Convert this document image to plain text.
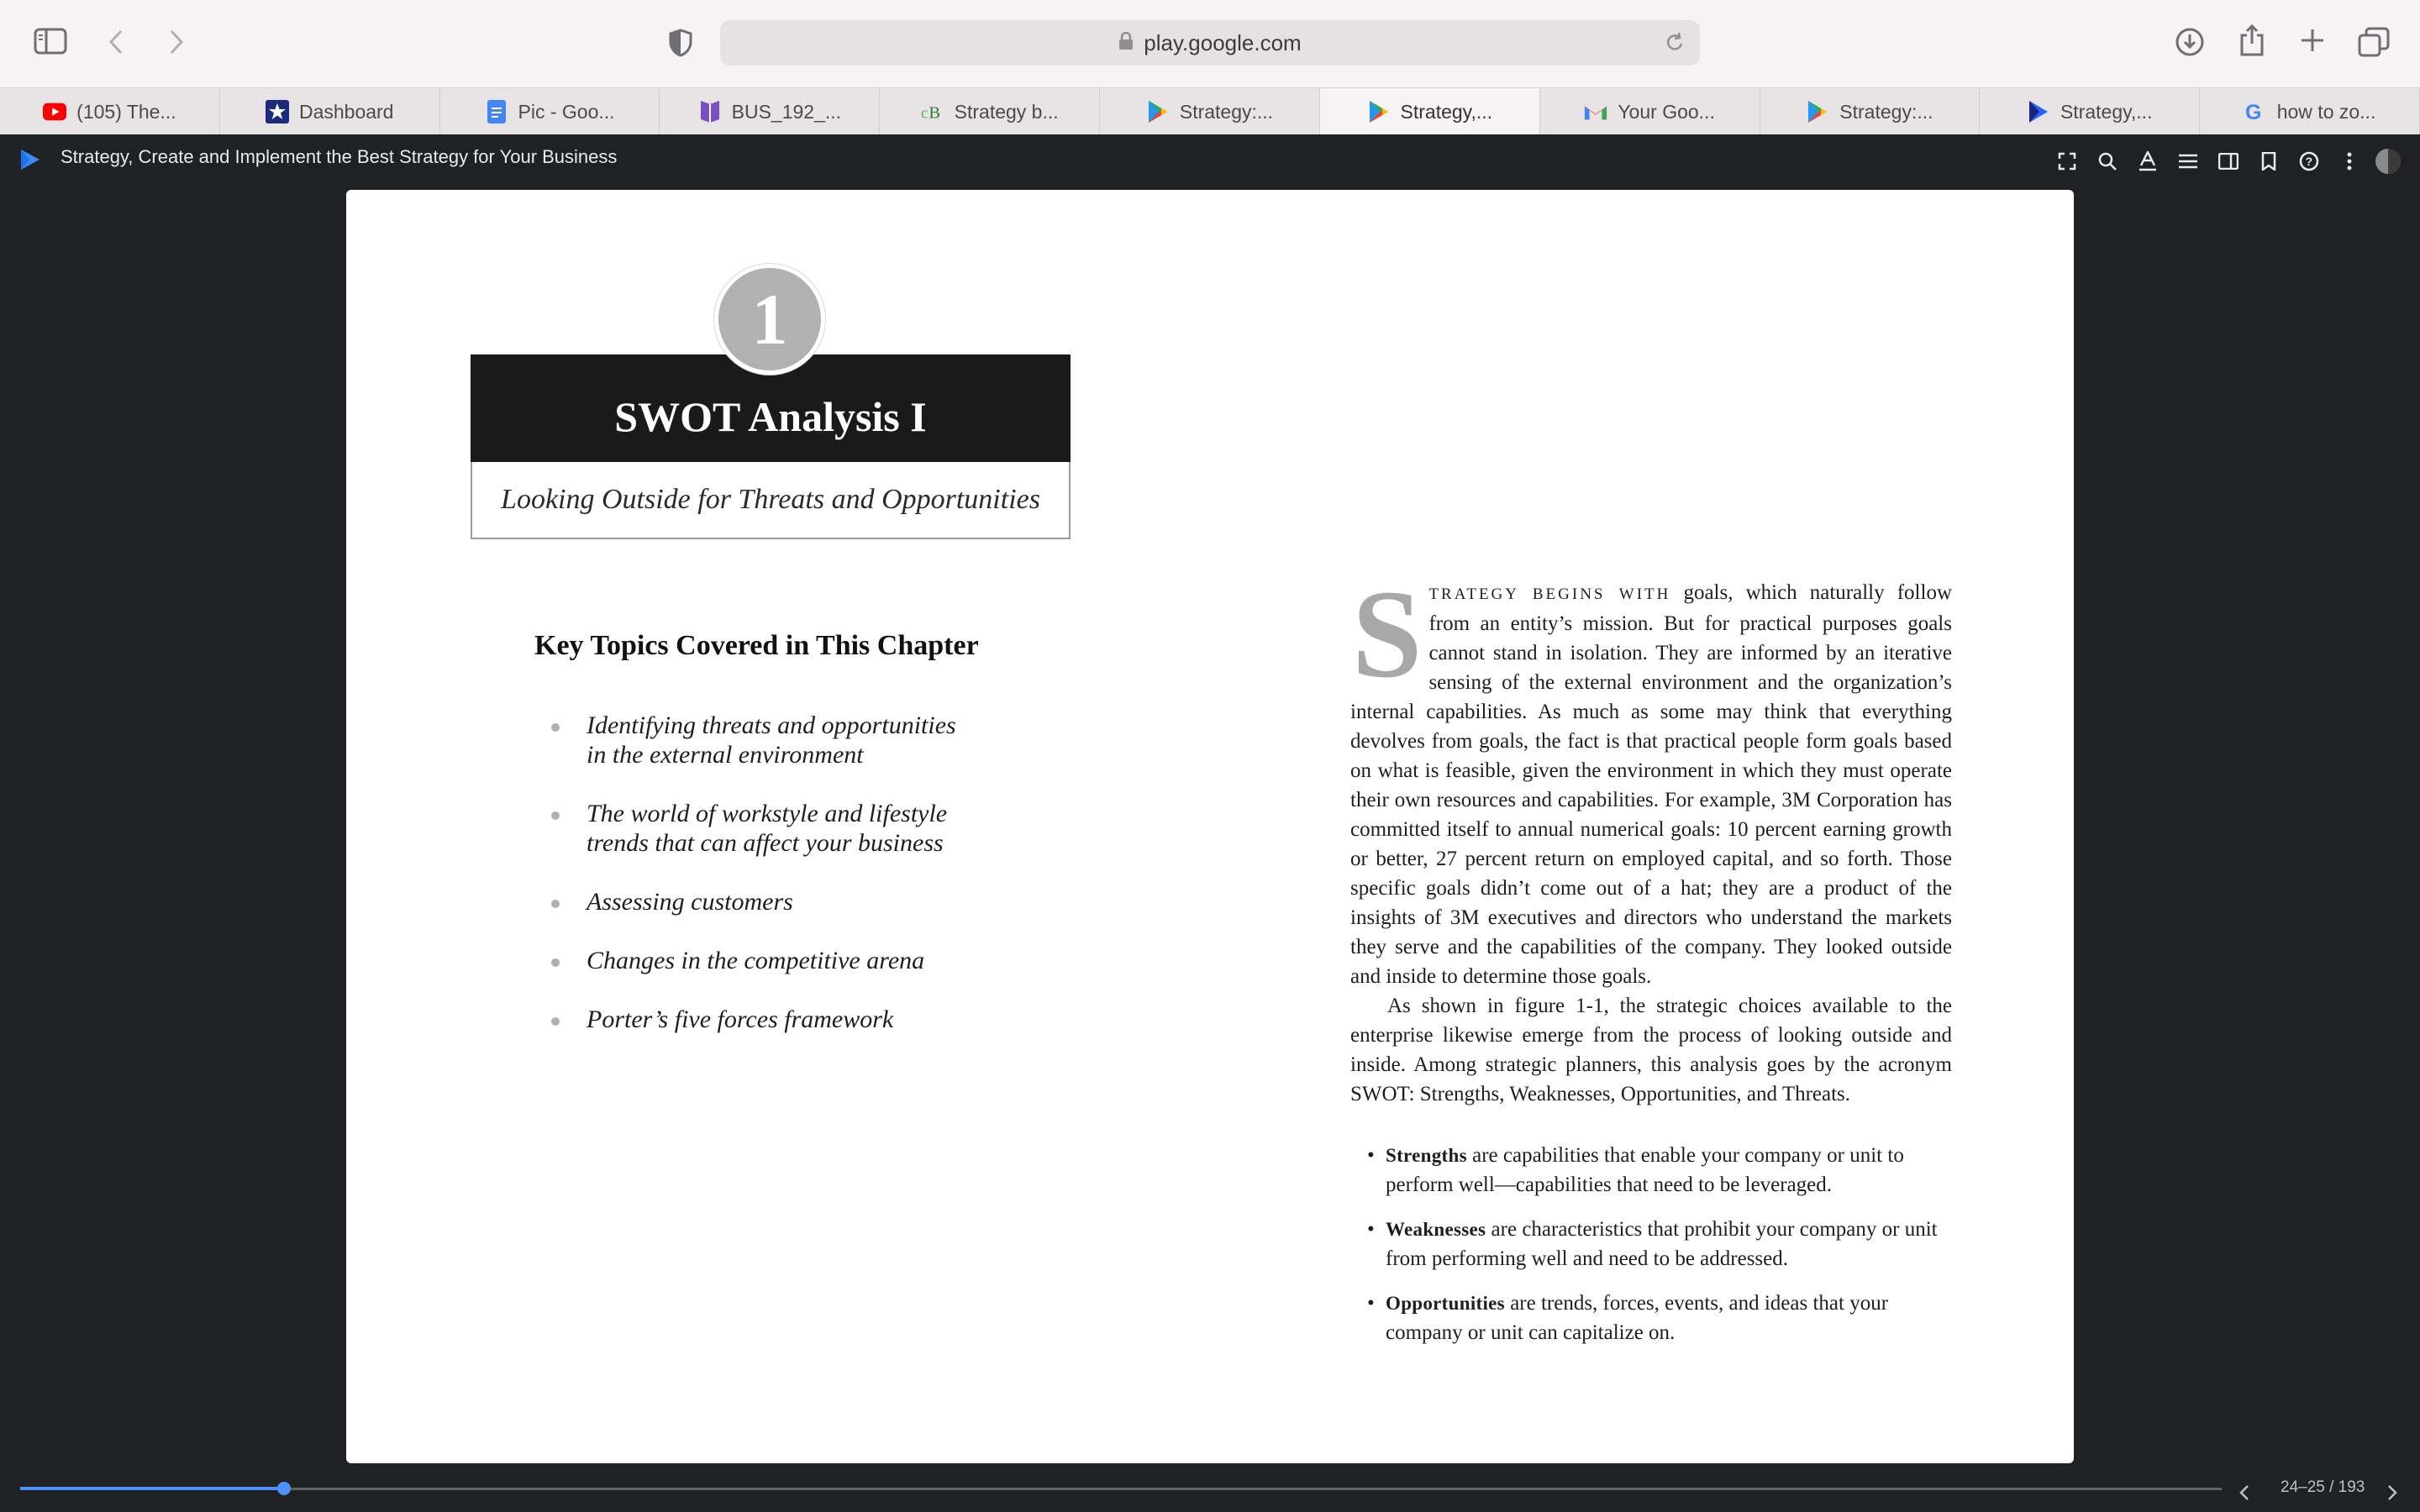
play.google.com
(105) The...	Dashboard	Pic - Goo...	BUS_192_...	c B Strategy b...	Strategy:...	Strategy,...	Your Goo...	Strategy:...	Strategy,...	G how to zo...
Strategy, Create and Implement the Best Strategy for Your Business	?
1
SWOT Analysis I
Looking Outside for Threats and Opportunities
Key Topics Covered in This Chapter
Identifying threats and opportunities in the external environment
The world of workstyle and lifestyle trends that can affect your business
Assessing customers
Changes in the competitive arena
Porter’s five forces framework

STRATEGY BEGINS WITH goals, which naturally follow from an entity’s mission. But for practical purposes goals cannot stand in isolation. They are informed by an iterative sensing of the external environment and the organization’s internal capabilities. As much as some may think that everything devolves from goals, the fact is that practical people form goals based on what is feasible, given the environment in which they must operate their own resources and capabilities. For example, 3M Corporation has committed itself to annual numerical goals: 10 percent earning growth or better, 27 percent return on employed capital, and so forth. Those specific goals didn’t come out of a hat; they are a product of the insights of 3M executives and directors who understand the markets they serve and the capabilities of the company. They looked outside and inside to determine those goals.

As shown in figure 1-1, the strategic choices available to the enterprise likewise emerge from the process of looking outside and inside. Among strategic planners, this analysis goes by the acronym SWOT: Strengths, Weaknesses, Opportunities, and Threats.

• Strengths are capabilities that enable your company or unit to perform well—capabilities that need to be leveraged.
• Weaknesses are characteristics that prohibit your company or unit from performing well and need to be addressed.
• Opportunities are trends, forces, events, and ideas that your company or unit can capitalize on.
24–25 / 193
